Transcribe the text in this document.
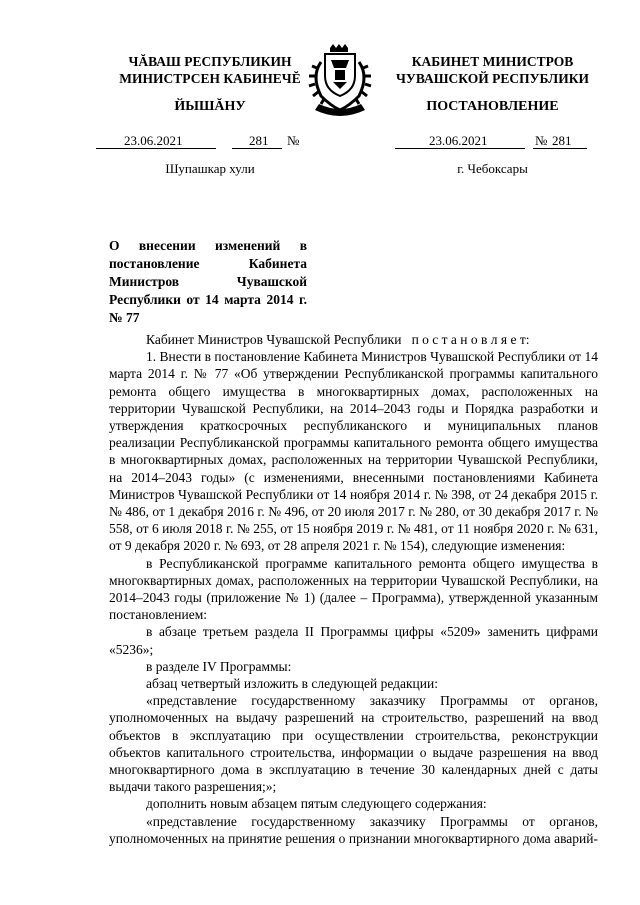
ЧĂВАШ РЕСПУБЛИКИН
МИНИСТРСЕН КАБИНЕЧĔ
ЙЫШĂНУ
КАБИНЕТ МИНИСТРОВ
ЧУВАШСКОЙ РЕСПУБЛИКИ
ПОСТАНОВЛЕНИЕ
23.06.2021	281 №	23.06.2021	№ 281
Шупашкар хули	г. Чебоксары
О внесении изменений в постановление Кабинета Министров Чувашской Республики от 14 марта 2014 г. № 77

Кабинет Министров Чувашской Республики п о с т а н о в л я е т:

1. Внести в постановление Кабинета Министров Чувашской Республики от 14 марта 2014 г. № 77 «Об утверждении Республиканской программы капитального ремонта общего имущества в многоквартирных домах, расположенных на территории Чувашской Республики, на 2014–2043 годы и Порядка разработки и утверждения краткосрочных республиканского и муниципальных планов реализации Республиканской программы капитального ремонта общего имущества в многоквартирных домах, расположенных на территории Чувашской Республики, на 2014–2043 годы» (с изменениями, внесенными постановлениями Кабинета Министров Чувашской Республики от 14 ноября 2014 г. № 398, от 24 декабря 2015 г. № 486, от 1 декабря 2016 г. № 496, от 20 июля 2017 г. № 280, от 30 декабря 2017 г. № 558, от 6 июля 2018 г. № 255, от 15 ноября 2019 г. № 481, от 11 ноября 2020 г. № 631, от 9 декабря 2020 г. № 693, от 28 апреля 2021 г. № 154), следующие изменения:

в Республиканской программе капитального ремонта общего имущества в многоквартирных домах, расположенных на территории Чувашской Республики, на 2014–2043 годы (приложение № 1) (далее – Программа), утвержденной указанным постановлением:

в абзаце третьем раздела II Программы цифры «5209» заменить цифрами «5236»;

в разделе IV Программы:

абзац четвертый изложить в следующей редакции:

«представление государственному заказчику Программы от органов, уполномоченных на выдачу разрешений на строительство, разрешений на ввод объектов в эксплуатацию при осуществлении строительства, реконструкции объектов капитального строительства, информации о выдаче разрешения на ввод многоквартирного дома в эксплуатацию в течение 30 календарных дней с даты выдачи такого разрешения;»;

дополнить новым абзацем пятым следующего содержания:

«представление государственному заказчику Программы от органов, уполномоченных на принятие решения о признании многоквартирного дома аварий-
